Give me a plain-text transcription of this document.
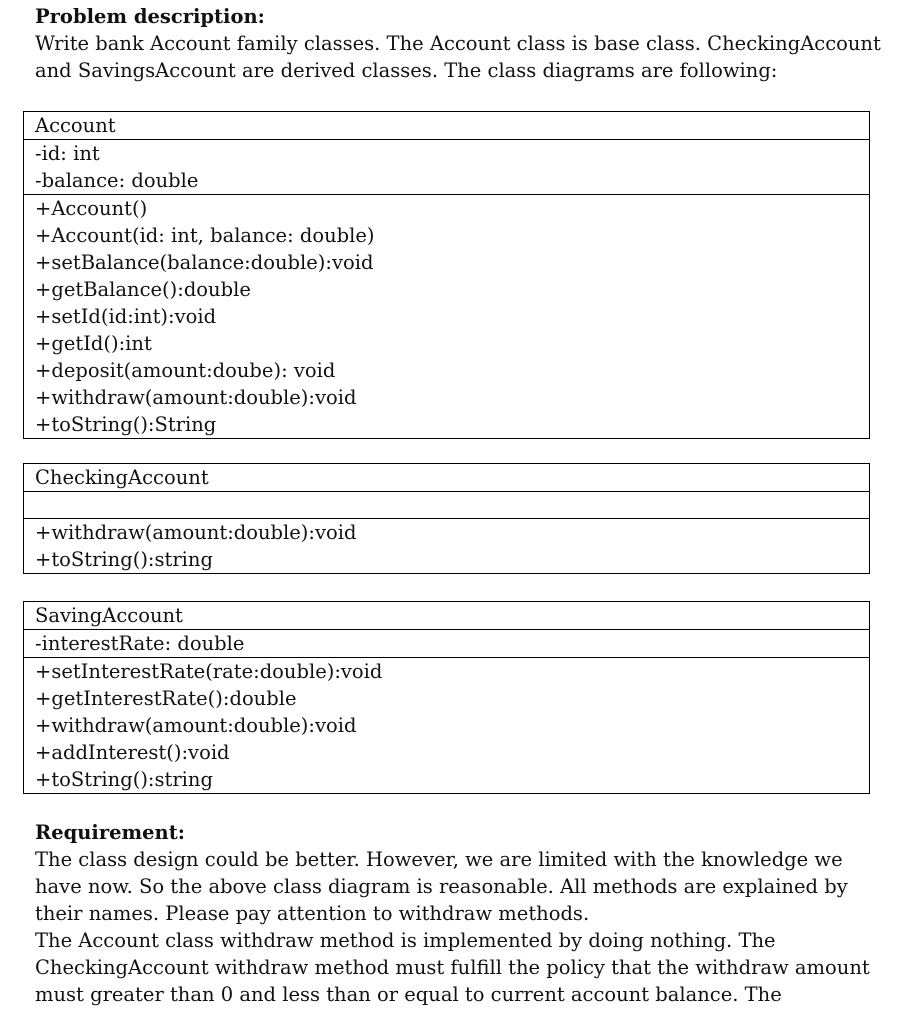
Problem description:
Write bank Account family classes. The Account class is base class. CheckingAccount
and SavingsAccount are derived classes. The class diagrams are following:
Account
-id: int
-balance: double
+Account()
+Account(id: int, balance: double)
+setBalance(balance:double):void
+getBalance():double
+setId(id:int):void
+getId():int
+deposit(amount:doube): void
+withdraw(amount:double):void
+toString():String
CheckingAccount
+withdraw(amount:double):void
+toString():string
SavingAccount
-interestRate: double
+setInterestRate(rate:double):void
+getInterestRate():double
+withdraw(amount:double):void
+addInterest():void
+toString():string
Requirement:
The class design could be better. However, we are limited with the knowledge we
have now. So the above class diagram is reasonable. All methods are explained by
their names. Please pay attention to withdraw methods.
The Account class withdraw method is implemented by doing nothing. The
CheckingAccount withdraw method must fulfill the policy that the withdraw amount
must greater than 0 and less than or equal to current account balance. The
